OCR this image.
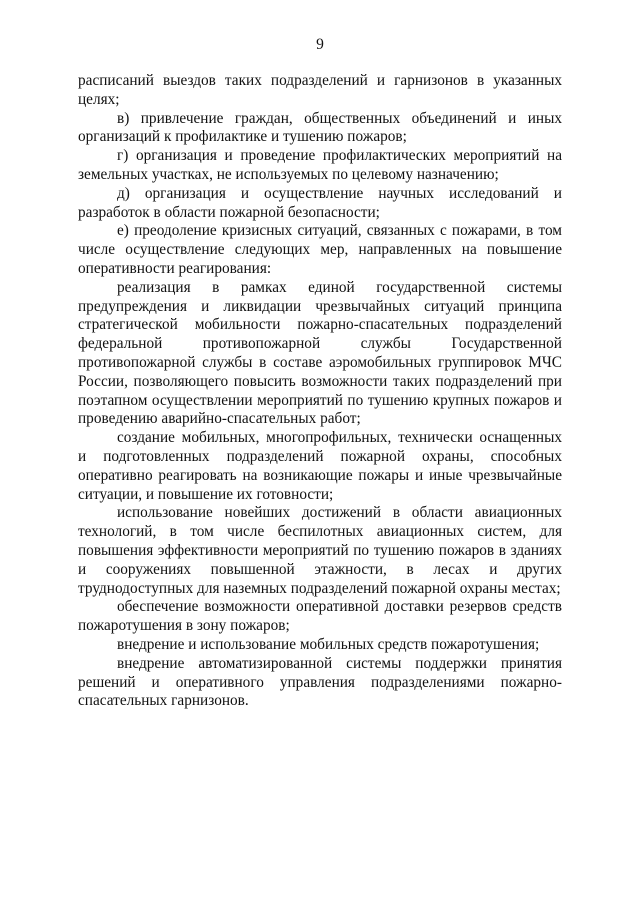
9

расписаний выездов таких подразделений и гарнизонов в указанных целях;

в) привлечение граждан, общественных объединений и иных организаций к профилактике и тушению пожаров;

г) организация и проведение профилактических мероприятий на земельных участках, не используемых по целевому назначению;

д) организация и осуществление научных исследований и разработок в области пожарной безопасности;

е) преодоление кризисных ситуаций, связанных с пожарами, в том числе осуществление следующих мер, направленных на повышение оперативности реагирования:

реализация в рамках единой государственной системы предупреждения и ликвидации чрезвычайных ситуаций принципа стратегической мобильности пожарно-спасательных подразделений федеральной противопожарной службы Государственной противопожарной службы в составе аэромобильных группировок МЧС России, позволяющего повысить возможности таких подразделений при поэтапном осуществлении мероприятий по тушению крупных пожаров и проведению аварийно-спасательных работ;

создание мобильных, многопрофильных, технически оснащенных и подготовленных подразделений пожарной охраны, способных оперативно реагировать на возникающие пожары и иные чрезвычайные ситуации, и повышение их готовности;

использование новейших достижений в области авиационных технологий, в том числе беспилотных авиационных систем, для повышения эффективности мероприятий по тушению пожаров в зданиях и сооружениях повышенной этажности, в лесах и других труднодоступных для наземных подразделений пожарной охраны местах;

обеспечение возможности оперативной доставки резервов средств пожаротушения в зону пожаров;

внедрение и использование мобильных средств пожаротушения;

внедрение автоматизированной системы поддержки принятия решений и оперативного управления подразделениями пожарно-спасательных гарнизонов.
